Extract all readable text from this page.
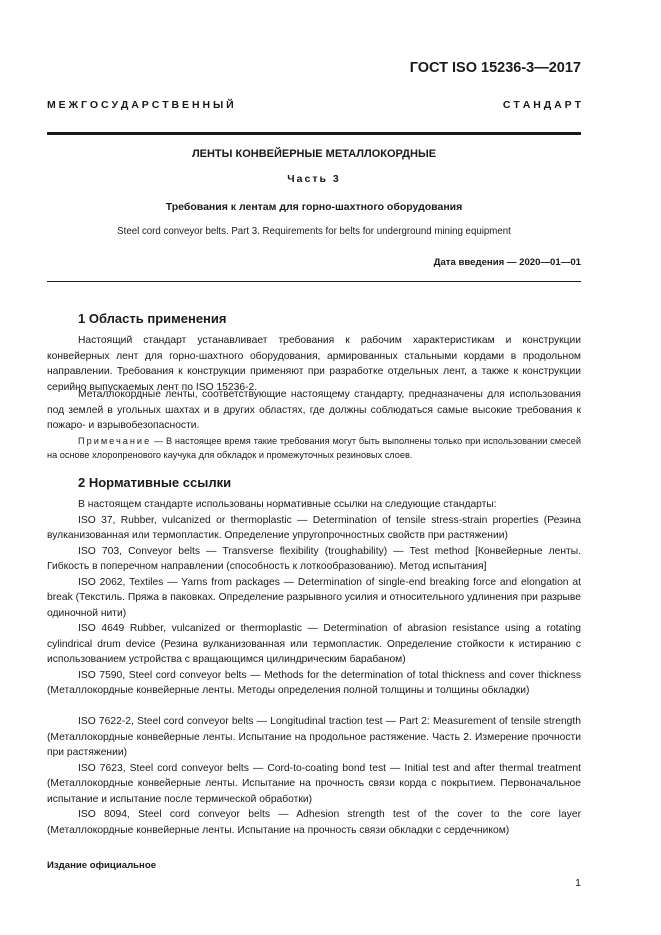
ГОСТ ISO 15236-3—2017
М Е Ж Г О С У Д А Р С Т В Е Н Н Ы Й	С Т А Н Д А Р Т
ЛЕНТЫ КОНВЕЙЕРНЫЕ МЕТАЛЛОКОРДНЫЕ
Часть 3
Требования к лентам для горно-шахтного оборудования
Steel cord conveyor belts. Part 3. Requirements for belts for underground mining equipment
Дата введения — 2020—01—01
1 Область применения

Настоящий стандарт устанавливает требования к рабочим характеристикам и конструкции конвейерных лент для горно-шахтного оборудования, армированных стальными кордами в продольном направлении. Требования к конструкции применяют при разработке отдельных лент, а также к конструкции серийно выпускаемых лент по ISO 15236-2.

Металлокордные ленты, соответствующие настоящему стандарту, предназначены для использования под землей в угольных шахтах и в других областях, где должны соблюдаться самые высокие требования к пожаро- и взрывобезопасности.

Примечание — В настоящее время такие требования могут быть выполнены только при использовании смесей на основе хлоропренового каучука для обкладок и промежуточных резиновых слоев.

2 Нормативные ссылки

В настоящем стандарте использованы нормативные ссылки на следующие стандарты:

ISO 37, Rubber, vulcanized or thermoplastic — Determination of tensile stress-strain properties (Резина вулканизованная или термопластик. Определение упругопрочностных свойств при растяжении)

ISO 703, Conveyor belts — Transverse flexibility (troughability) — Test method [Конвейерные ленты. Гибкость в поперечном направлении (способность к лоткообразованию). Метод испытания]

ISO 2062, Textiles — Yarns from packages — Determination of single-end breaking force and elongation at break (Текстиль. Пряжа в паковках. Определение разрывного усилия и относительного удлинения при разрыве одиночной нити)

ISO 4649 Rubber, vulcanized or thermoplastic — Determination of abrasion resistance using a rotating cylindrical drum device (Резина вулканизованная или термопластик. Определение стойкости к истиранию с использованием устройства с вращающимся цилиндрическим барабаном)

ISO 7590, Steel cord conveyor belts — Methods for the determination of total thickness and cover thickness (Металлокордные конвейерные ленты. Методы определения полной толщины и толщины обкладки)

ISO 7622-2, Steel cord conveyor belts — Longitudinal traction test — Part 2: Measurement of tensile strength (Металлокордные конвейерные ленты. Испытание на продольное растяжение. Часть 2. Измерение прочности при растяжении)

ISO 7623, Steel cord conveyor belts — Cord-to-coating bond test — Initial test and after thermal treatment (Металлокордные конвейерные ленты. Испытание на прочность связи корда с покрытием. Первоначальное испытание и испытание после термической обработки)

ISO 8094, Steel cord conveyor belts — Adhesion strength test of the cover to the core layer (Металлокордные конвейерные ленты. Испытание на прочность связи обкладки с сердечником)

Издание официальное
1
